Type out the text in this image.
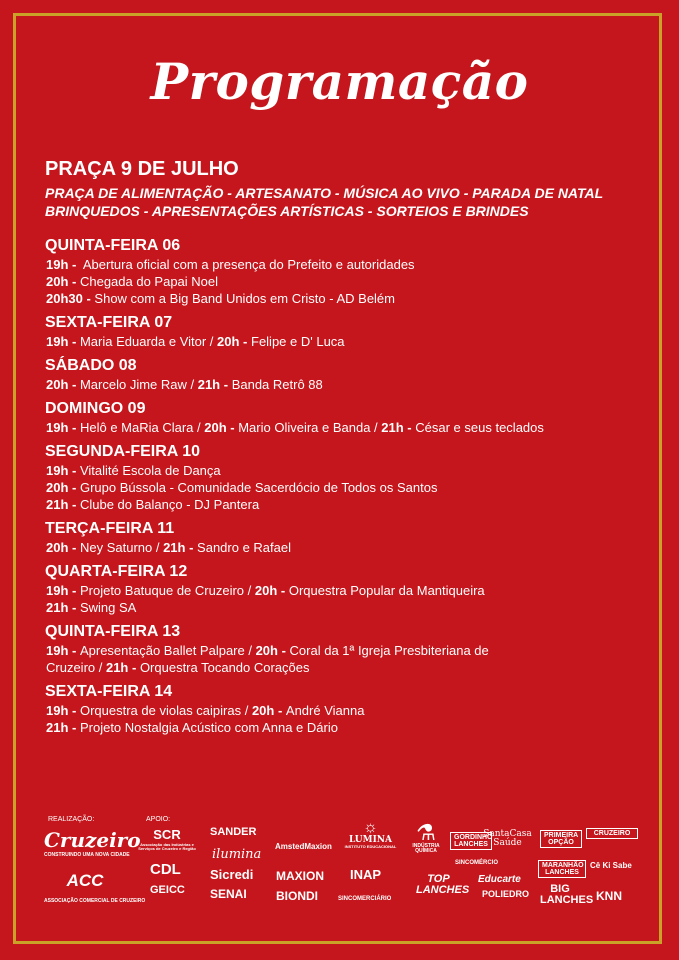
Programação
PRAÇA 9 DE JULHO
PRAÇA DE ALIMENTAÇÃO - ARTESANATO - MÚSICA AO VIVO - PARADA DE NATAL
BRINQUEDOS - APRESENTAÇÕES ARTÍSTICAS - SORTEIOS E BRINDES
QUINTA-FEIRA 06
19h -  Abertura oficial com a presença do Prefeito e autoridades
20h - Chegada do Papai Noel
20h30 - Show com a Big Band Unidos em Cristo - AD Belém
SEXTA-FEIRA 07
19h - Maria Eduarda e Vitor / 20h - Felipe e D' Luca
SÁBADO 08
20h - Marcelo Jime Raw / 21h - Banda Retrô 88
DOMINGO 09
19h - Helô e MaRia Clara / 20h - Mario Oliveira e Banda / 21h - César e seus teclados
SEGUNDA-FEIRA 10
19h - Vitalité Escola de Dança
20h - Grupo Bússola - Comunidade Sacerdócio de Todos os Santos
21h - Clube do Balanço - DJ Pantera
TERÇA-FEIRA 11
20h - Ney Saturno / 21h - Sandro e Rafael
QUARTA-FEIRA 12
19h - Projeto Batuque de Cruzeiro / 20h - Orquestra Popular da Mantiqueira
21h - Swing SA
QUINTA-FEIRA 13
19h - Apresentação Ballet Palpare / 20h - Coral da 1ª Igreja Presbiteriana de
Cruzeiro / 21h - Orquestra Tocando Corações
SEXTA-FEIRA 14
19h - Orquestra de violas caipiras / 20h - André Vianna
21h - Projeto Nostalgia Acústico com Anna e Dário
REALIZAÇÃO:	APOIO:
Cruzeiro
CONSTRUINDO UMA NOVA CIDADE
ACC
ASSOCIAÇÃO COMERCIAL DE CRUZEIRO
SCR
Associação das Indústrias e Serviços de Cruzeiro e Região
CDL
GEICC
SANDER
ilumina
Sicredi
SENAI
AmstedMaxion
MAXION
BIONDI
☼
LUMINA
INSTITUTO EDUCACIONAL
INAP
SINCOMERCIÁRIO
⚗
INDÚSTRIA QUÍMICA
GORDINHO LANCHES
SantaCasa Saúde
SINCOMÉRCIO
TOP LANCHES
Educarte
POLIEDRO
PRIMEIRA OPÇÃO
MARANHÃO LANCHES
BIG LANCHES
CRUZEIRO
Cê Ki Sabe
KNN
